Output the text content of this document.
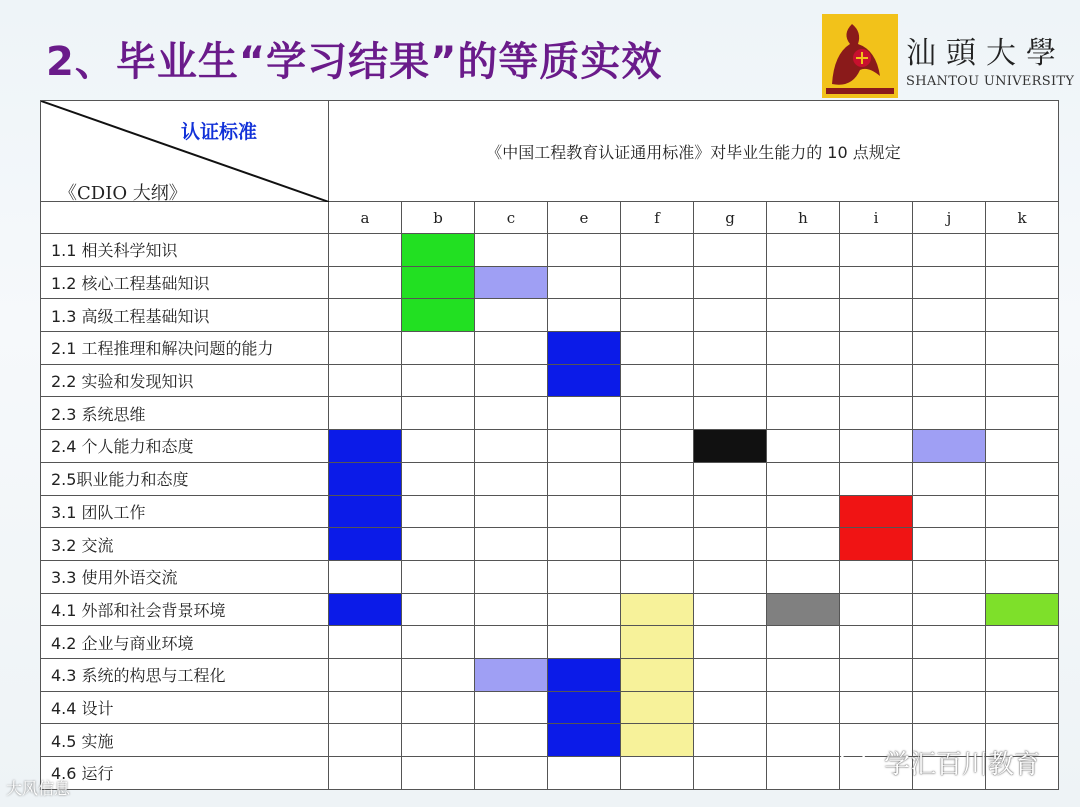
2、毕业生“学习结果”的等质实效	汕頭大學
SHANTOU UNIVERSITY
认证标准
《CDIO 大纲》	《中国工程教育认证通用标准》对毕业生能力的 10 点规定									
	a	b	c	e	f	g	h	i	j	k
1.1 相关科学知识										
1.2 核心工程基础知识										
1.3 高级工程基础知识										
2.1 工程推理和解决问题的能力										
2.2 实验和发现知识										
2.3 系统思维										
2.4 个人能力和态度										
2.5职业能力和态度										
3.1 团队工作										
3.2 交流										
3.3 使用外语交流										
4.1 外部和社会背景环境										
4.2 企业与商业环境										
4.3 系统的构思与工程化										
4.4 设计										
4.5 实施										
4.6 运行											学汇百川教育
大风信息
